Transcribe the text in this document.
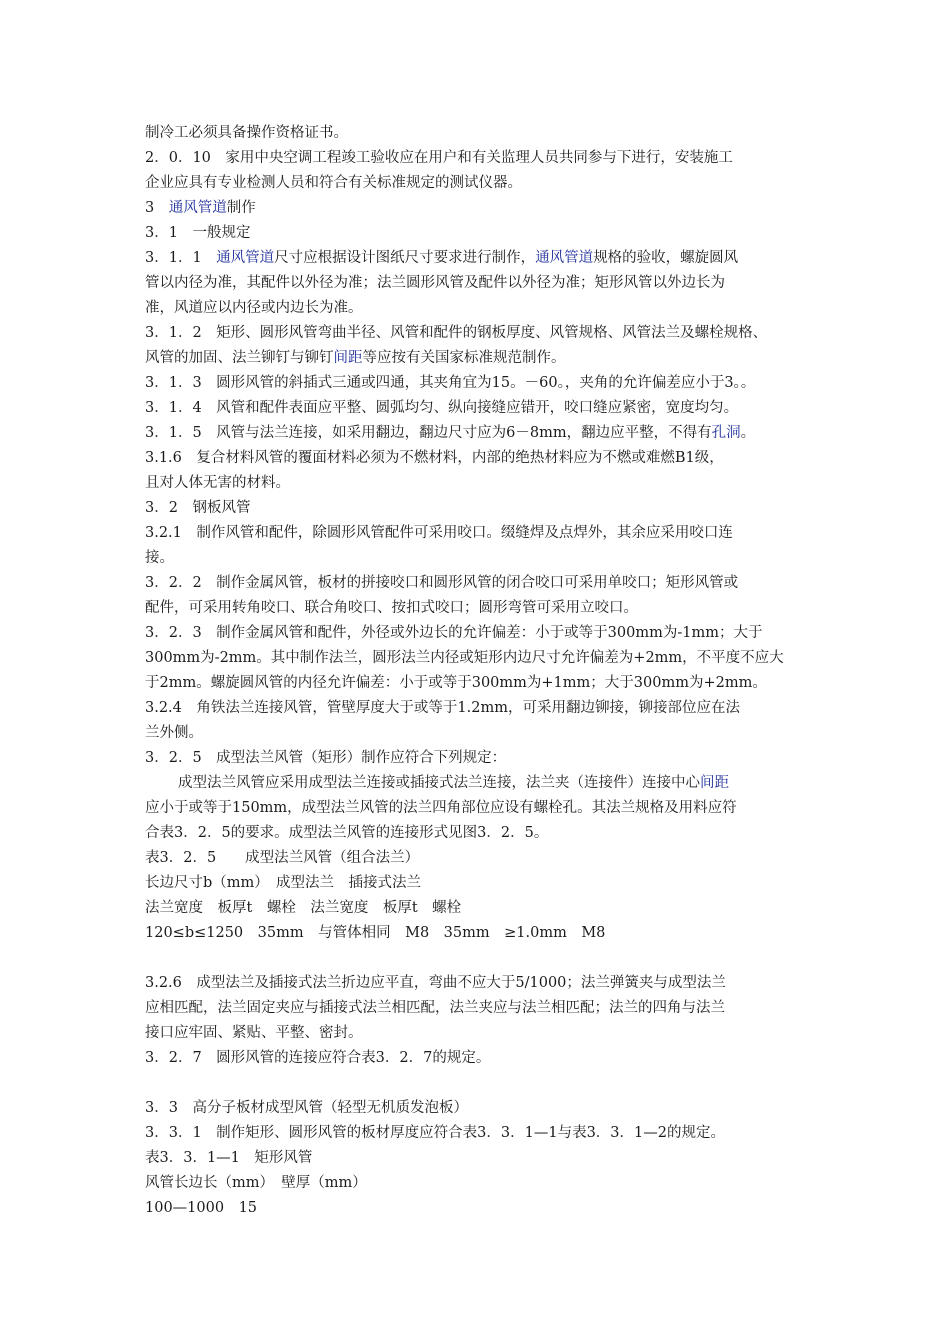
制冷工必须具备操作资格证书。
2．0．10　家用中央空调工程竣工验收应在用户和有关监理人员共同参与下进行，安装施工
企业应具有专业检测人员和符合有关标准规定的测试仪器。
3　通风管道制作
3．1　一般规定
3．1．1　通风管道尺寸应根据设计图纸尺寸要求进行制作，通风管道规格的验收，螺旋圆风
管以内径为准，其配件以外径为准；法兰圆形风管及配件以外径为准；矩形风管以外边长为
准，风道应以内径或内边长为准。
3．1．2　矩形、圆形风管弯曲半径、风管和配件的钢板厚度、风管规格、风管法兰及螺栓规格、
风管的加固、法兰铆钉与铆钉间距等应按有关国家标准规范制作。
3．1．3　圆形风管的斜插式三通或四通，其夹角宜为15。－60。，夹角的允许偏差应小于3。。
3．1．4　风管和配件表面应平整、圆弧均匀、纵向接缝应错开，咬口缝应紧密，宽度均匀。
3．1．5　风管与法兰连接，如采用翻边，翻边尺寸应为6－8mm，翻边应平整，不得有孔洞。
3.1.6　复合材料风管的覆面材料必须为不燃材料，内部的绝热材料应为不燃或难燃B1级，
且对人体无害的材料。
3．2　钢板风管
3.2.1　制作风管和配件，除圆形风管配件可采用咬口。缀缝焊及点焊外，其余应采用咬口连
接。
3．2．2　制作金属风管，板材的拼接咬口和圆形风管的闭合咬口可采用单咬口；矩形风管或
配件，可采用转角咬口、联合角咬口、按扣式咬口；圆形弯管可采用立咬口。
3．2．3　制作金属风管和配件，外径或外边长的允许偏差：小于或等于300mm为-1mm；大于
300mm为-2mm。其中制作法兰，圆形法兰内径或矩形内边尺寸允许偏差为+2mm，不平度不应大
于2mm。螺旋圆风管的内径允许偏差：小于或等于300mm为+1mm；大于300mm为+2mm。
3.2.4　角铁法兰连接风管，管壁厚度大于或等于1.2mm，可采用翻边铆接，铆接部位应在法
兰外侧。
3．2．5　成型法兰风管（矩形）制作应符合下列规定：
成型法兰风管应采用成型法兰连接或插接式法兰连接，法兰夹（连接件）连接中心间距
应小于或等于150mm，成型法兰风管的法兰四角部位应设有螺栓孔。其法兰规格及用料应符
合表3．2．5的要求。成型法兰风管的连接形式见图3．2．5。
表3．2．5　　成型法兰风管（组合法兰）
长边尺寸b（mm）　成型法兰　插接式法兰
法兰宽度　板厚t　螺栓　法兰宽度　板厚t　螺栓
120≤b≤1250　35mm　与管体相同　M8　35mm　≥1.0mm　M8
3.2.6　成型法兰及插接式法兰折边应平直，弯曲不应大于5/1000；法兰弹簧夹与成型法兰
应相匹配，法兰固定夹应与插接式法兰相匹配，法兰夹应与法兰相匹配；法兰的四角与法兰
接口应牢固、紧贴、平整、密封。
3．2．7　圆形风管的连接应符合表3．2．7的规定。
3．3　高分子板材成型风管（轻型无机质发泡板）
3．3．1　制作矩形、圆形风管的板材厚度应符合表3．3．1—1与表3．3．1—2的规定。
表3．3．1—1　矩形风管
风管长边长（mm）　壁厚（mm）
100—1000　15
